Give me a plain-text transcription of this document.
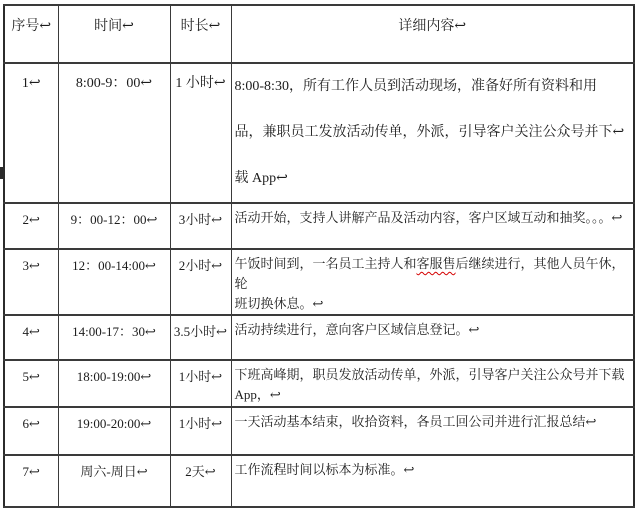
序号↩	时间↩	时长↩	详细内容↩
1↩	8:00-9：00↩	1 小时↩	8:00-8:30，所有工作人员到活动现场，准备好所有资料和用
品，兼职员工发放活动传单，外派，引导客户关注公众号并下↩
载 App↩
2↩	9：00-12：00↩	3小时↩	活动开始，支持人讲解产品及活动内容，客户区域互动和抽奖。。。↩
3↩	12：00-14:00↩	2小时↩	午饭时间到，一名员工主持人和客服售后继续进行，其他人员午休，轮
班切换休息。↩
4↩	14:00-17：30↩	3.5小时↩	活动持续进行，意向客户区域信息登记。↩
5↩	18:00-19:00↩	1小时↩	下班高峰期，职员发放活动传单，外派，引导客户关注公众号并下载
App，↩
6↩	19:00-20:00↩	1小时↩	一天活动基本结束，收拾资料，各员工回公司并进行汇报总结↩
7↩	周六-周日↩	2天↩	工作流程时间以标本为标准。↩
